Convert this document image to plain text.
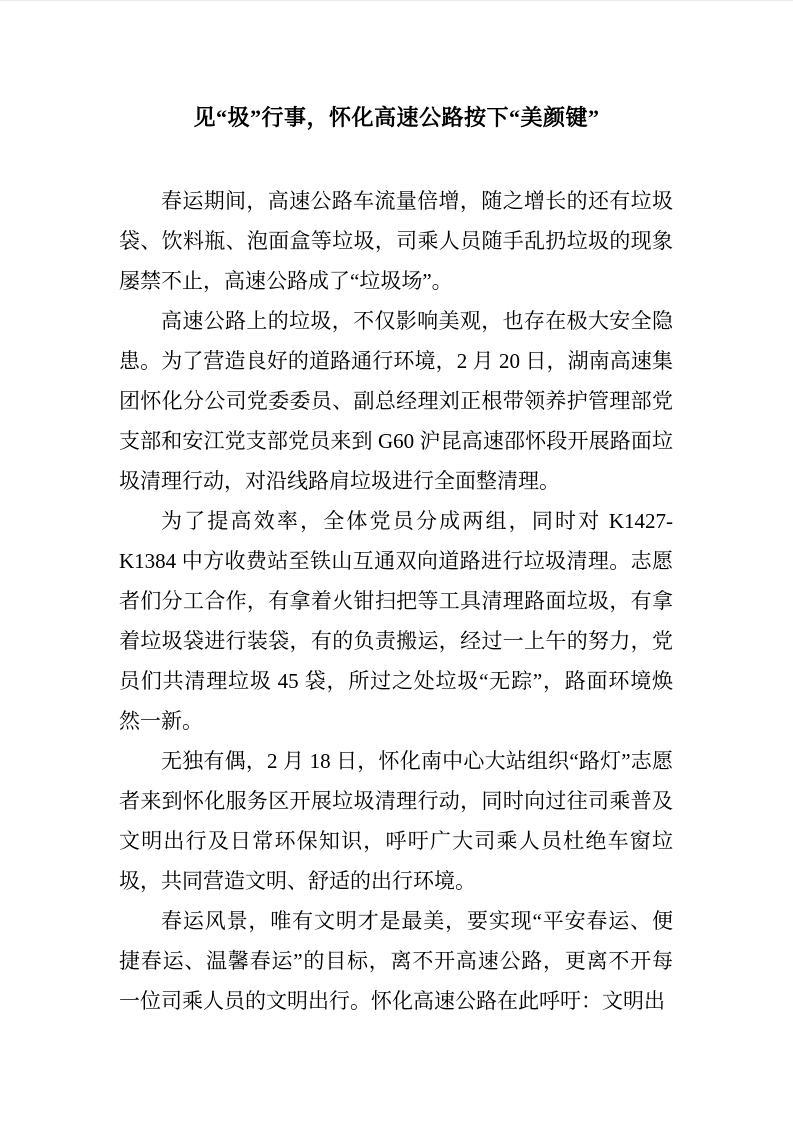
见“圾”行事，怀化高速公路按下“美颜键”

春运期间，高速公路车流量倍增，随之增长的还有垃圾袋、饮料瓶、泡面盒等垃圾，司乘人员随手乱扔垃圾的现象屡禁不止，高速公路成了“垃圾场”。

高速公路上的垃圾，不仅影响美观，也存在极大安全隐患。为了营造良好的道路通行环境，2 月 20 日，湖南高速集团怀化分公司党委委员、副总经理刘正根带领养护管理部党支部和安江党支部党员来到 G60 沪昆高速邵怀段开展路面垃圾清理行动，对沿线路肩垃圾进行全面整清理。

为了提高效率，全体党员分成两组，同时对 K1427-K1384 中方收费站至铁山互通双向道路进行垃圾清理。志愿者们分工合作，有拿着火钳扫把等工具清理路面垃圾，有拿着垃圾袋进行装袋，有的负责搬运，经过一上午的努力，党员们共清理垃圾 45 袋，所过之处垃圾“无踪”，路面环境焕然一新。

无独有偶，2 月 18 日，怀化南中心大站组织“路灯”志愿者来到怀化服务区开展垃圾清理行动，同时向过往司乘普及文明出行及日常环保知识，呼吁广大司乘人员杜绝车窗垃圾，共同营造文明、舒适的出行环境。

春运风景，唯有文明才是最美，要实现“平安春运、便捷春运、温馨春运”的目标，离不开高速公路，更离不开每一位司乘人员的文明出行。怀化高速公路在此呼吁：文明出
